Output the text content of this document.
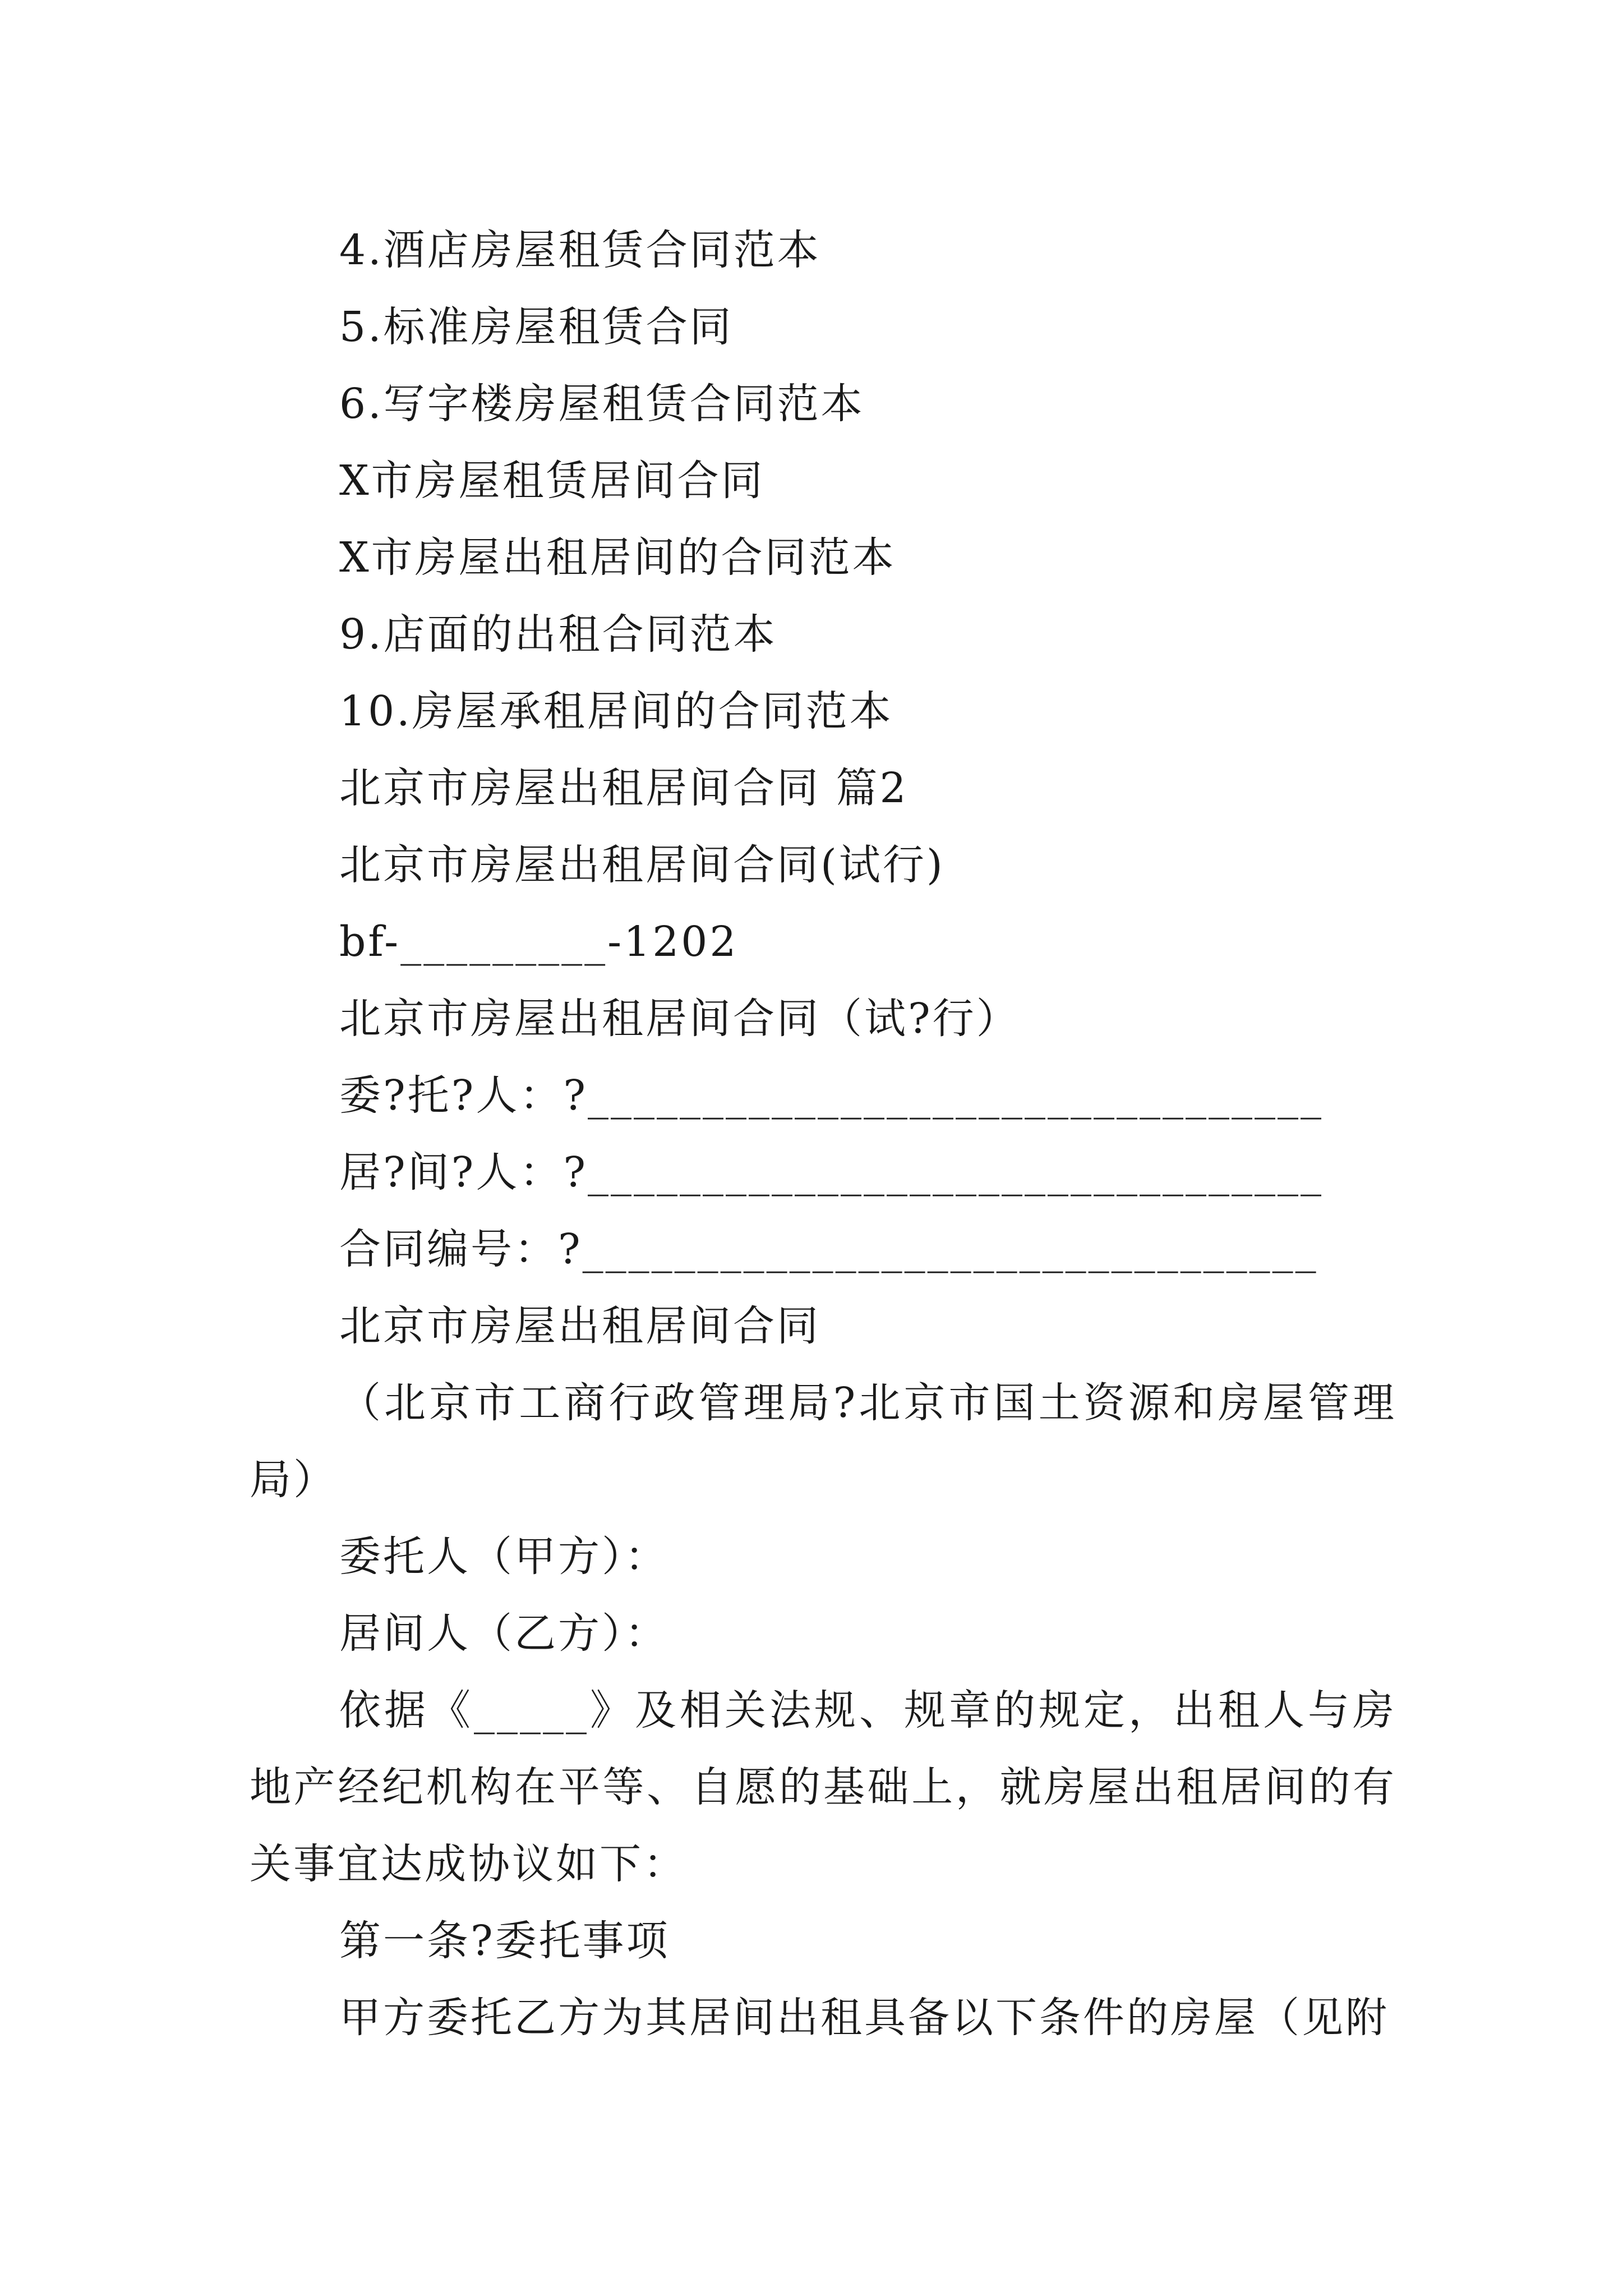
4.酒店房屋租赁合同范本

5.标准房屋租赁合同

6.写字楼房屋租赁合同范本

X市房屋租赁居间合同

X市房屋出租居间的合同范本

9.店面的出租合同范本

10.房屋承租居间的合同范本

北京市房屋出租居间合同 篇2

北京市房屋出租居间合同(试行)

bf-_________-1202

北京市房屋出租居间合同（试?行）

委?托?人：?________________________________

居?间?人：?________________________________

合同编号：?________________________________

北京市房屋出租居间合同

（北京市工商行政管理局?北京市国土资源和房屋管理局）

委托人（甲方）：

居间人（乙方）：

依据《_____》及相关法规、规章的规定，出租人与房地产经纪机构在平等、自愿的基础上，就房屋出租居间的有关事宜达成协议如下：

第一条?委托事项

甲方委托乙方为其居间出租具备以下条件的房屋（见附
